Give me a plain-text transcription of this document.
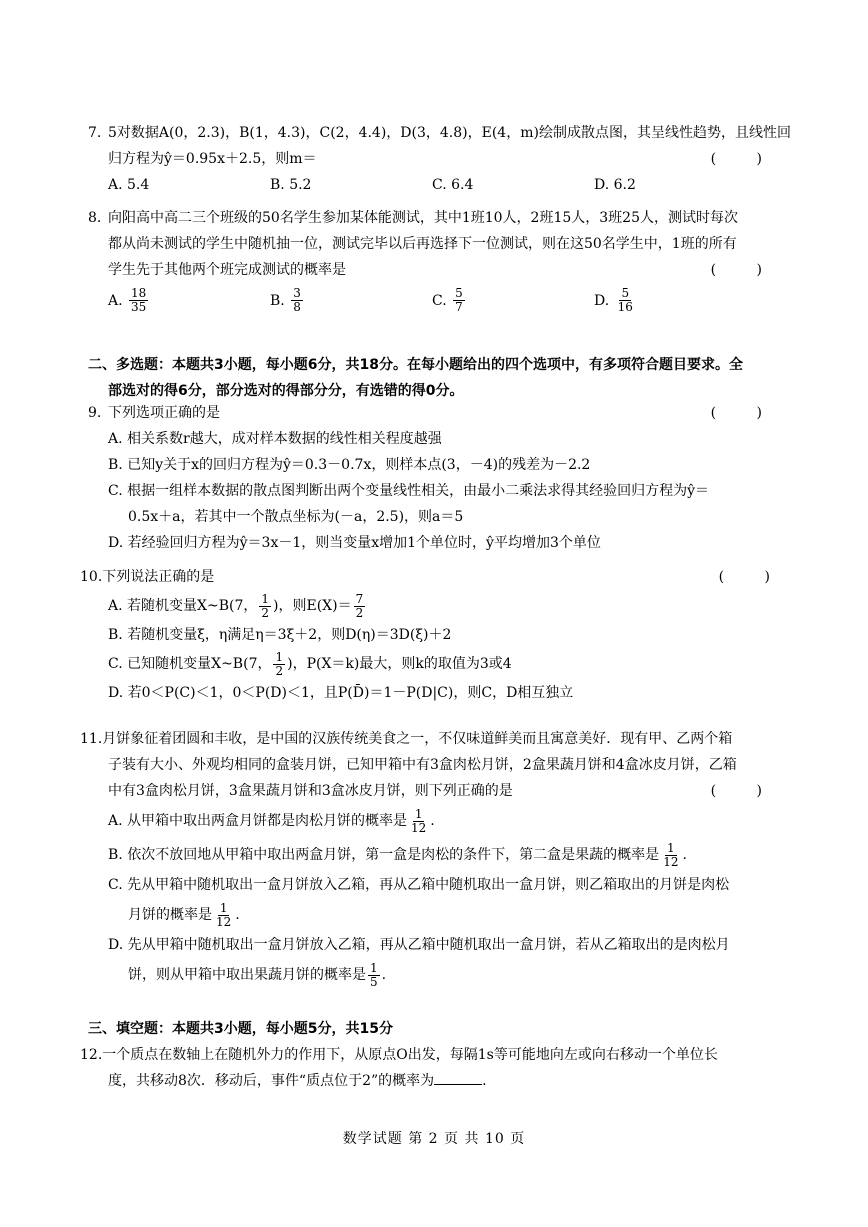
7. 5对数据A(0，2.3)，B(1，4.3)，C(2，4.4)，D(3，4.8)，E(4，m)绘制成散点图，其呈线性趋势，且线性回
归方程为ŷ＝0.95x＋2.5，则m＝	( )
A. 5.4	B. 5.2	C. 6.4	D. 6.2
8. 向阳高中高二三个班级的50名学生参加某体能测试，其中1班10人，2班15人，3班25人，测试时每次
都从尚未测试的学生中随机抽一位，测试完毕以后再选择下一位测试，则在这50名学生中，1班的所有
学生先于其他两个班完成测试的概率是	( )
A.
$\frac{18}{35}$	B.
$\frac{3}{8}$	C.
$\frac{5}{7}$	D.
$\frac{5}{16}$
二、多选题：本题共3小题，每小题6分，共18分。在每小题给出的四个选项中，有多项符合题目要求。全
部选对的得6分，部分选对的得部分分，有选错的得0分。
9. 下列选项正确的是	( )
A. 相关系数r越大，成对样本数据的线性相关程度越强
B. 已知y关于x的回归方程为ŷ＝0.3－0.7x，则样本点(3，－4)的残差为－2.2
C. 根据一组样本数据的散点图判断出两个变量线性相关，由最小二乘法求得其经验回归方程为ŷ＝
0.5x＋a，若其中一个散点坐标为(－a，2.5)，则a＝5
D. 若经验回归方程为ŷ＝3x－1，则当变量x增加1个单位时，ŷ平均增加3个单位
10.下列说法正确的是	( )
A. 若随机变量X~B(7， $\frac{1}{2}$ )，则$E(X)= \frac{7}{2}$
B. 若随机变量ξ，η满足η＝3ξ＋2，则D(η)＝3D(ξ)＋2
C. 已知随机变量X~B(7， $\frac{1}{2}$ )，P(X＝k)最大，则k的取值为3或4
D. 若0＜P(C)＜1，0＜P(D)＜1，且P(D̄)＝1－P(D|C)，则C，D相互独立
11.月饼象征着团圆和丰收，是中国的汉族传统美食之一，不仅味道鲜美而且寓意美好．现有甲、乙两个箱
子装有大小、外观均相同的盒装月饼，已知甲箱中有3盒肉松月饼，2盒果蔬月饼和4盒冰皮月饼，乙箱
中有3盒肉松月饼，3盒果蔬月饼和3盒冰皮月饼，则下列正确的是	( )
A. 从甲箱中取出两盒月饼都是肉松月饼的概率是 $\frac{1}{12}$ .
B. 依次不放回地从甲箱中取出两盒月饼，第一盒是肉松的条件下，第二盒是果蔬的概率是 $\frac{1}{12}$ .
C. 先从甲箱中随机取出一盒月饼放入乙箱，再从乙箱中随机取出一盒月饼，则乙箱取出的月饼是肉松
月饼的概率是 $\frac{1}{12}$ .
D. 先从甲箱中随机取出一盒月饼放入乙箱，再从乙箱中随机取出一盒月饼，若从乙箱取出的是肉松月
饼，则从甲箱中取出果蔬月饼的概率是 $\frac{1}{5}$ .
三、填空题：本题共3小题，每小题5分，共15分
12.一个质点在数轴上在随机外力的作用下，从原点O出发，每隔1s等可能地向左或向右移动一个单位长
度，共移动8次．移动后，事件“质点位于2”的概率为	.
数学试题 第 2 页 共 10 页
